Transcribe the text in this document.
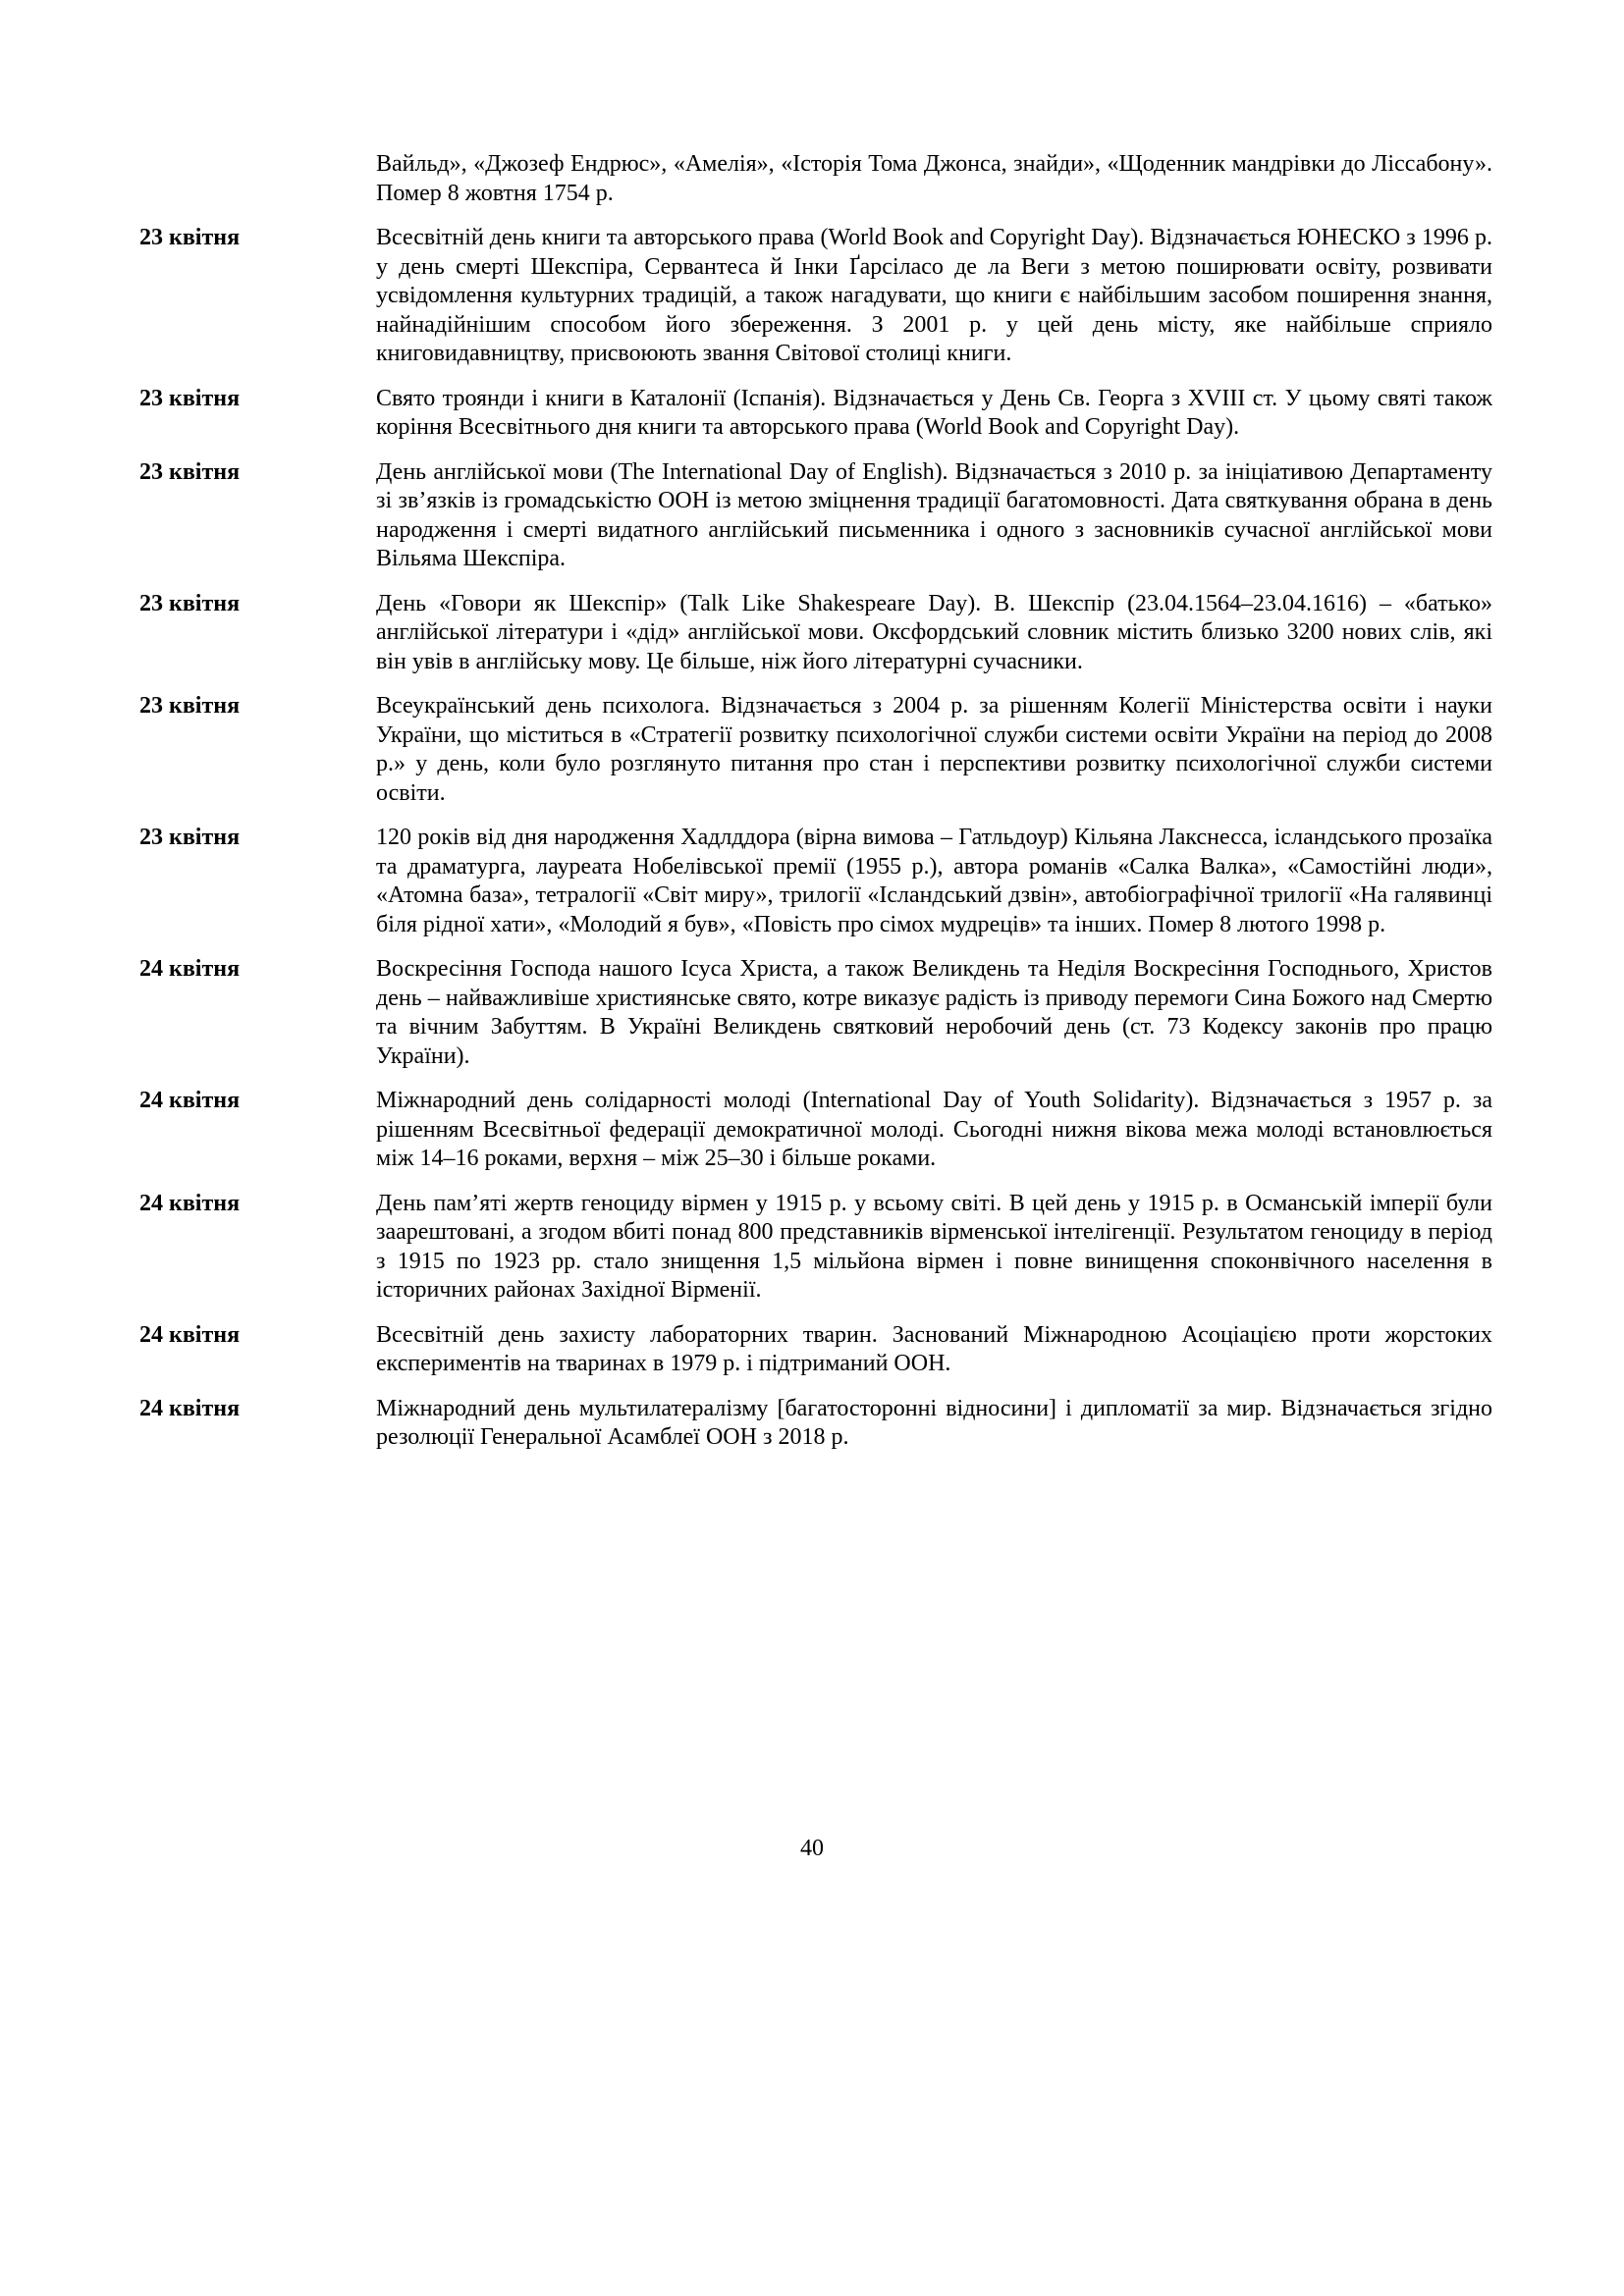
Вайльд», «Джозеф Ендрюс», «Амелія», «Історія Тома Джонса, знайди», «Щоденник мандрівки до Ліссабону». Помер 8 жовтня 1754 р.
23 квітня	Всесвітній день книги та авторського права (World Book and Copyright Day). Відзначається ЮНЕСКО з 1996 р. у день смерті Шекспіра, Сервантеса й Інки Ґарсіласо де ла Веги з метою поширювати освіту, розвивати усвідомлення культурних традицій, а також нагадувати, що книги є найбільшим засобом поширення знання, найнадійнішим способом його збереження. З 2001 р. у цей день місту, яке найбільше сприяло книговидавництву, присвоюють звання Світової столиці книги.
23 квітня	Свято троянди і книги в Каталонії (Іспанія). Відзначається у День Св. Георга з XVIII ст. У цьому святі також коріння Всесвітнього дня книги та авторського права (World Book and Copyright Day).
23 квітня	День англійської мови (The International Day of English). Відзначається з 2010 р. за ініціативою Департаменту зі зв’язків із громадськістю ООН із метою зміцнення традиції багатомовності. Дата святкування обрана в день народження і смерті видатного англійський письменника і одного з засновників сучасної англійської мови Вільяма Шекспіра.
23 квітня	День «Говори як Шекспір» (Talk Like Shakespeare Day). В. Шекспір (23.04.1564–23.04.1616) – «батько» англійської літератури і «дід» англійської мови. Оксфордський словник містить близько 3200 нових слів, які він увів в англійську мову. Це більше, ніж його літературні сучасники.
23 квітня	Всеукраїнський день психолога. Відзначається з 2004 р. за рішенням Колегії Міністерства освіти і науки України, що міститься в «Стратегії розвитку психологічної служби системи освіти України на період до 2008 р.» у день, коли було розглянуто питання про стан і перспективи розвитку психологічної служби системи освіти.
23 квітня	120 років від дня народження Хадлддора (вірна вимова – Гатльдоур) Кільяна Лакснесса, ісландського прозаїка та драматурга, лауреата Нобелівської премії (1955 р.), автора романів «Салка Валка», «Самостійні люди», «Атомна база», тетралогії «Світ миру», трилогії «Ісландський дзвін», автобіографічної трилогії «На галявинці біля рідної хати», «Молодий я був», «Повість про сімох мудреців» та інших. Помер 8 лютого 1998 р.
24 квітня	Воскресіння Господа нашого Ісуса Христа, а також Великдень та Неділя Воскресіння Господнього, Христов день – найважливіше християнське свято, котре виказує радість із приводу перемоги Сина Божого над Смертю та вічним Забуттям. В Україні Великдень святковий неробочий день (ст. 73 Кодексу законів про працю України).
24 квітня	Міжнародний день солідарності молоді (International Day of Youth Solidarity). Відзначається з 1957 р. за рішенням Всесвітньої федерації демократичної молоді. Сьогодні нижня вікова межа молоді встановлюється між 14–16 роками, верхня – між 25–30 і більше роками.
24 квітня	День пам’яті жертв геноциду вірмен у 1915 р. у всьому світі. В цей день у 1915 р. в Османській імперії були заарештовані, а згодом вбиті понад 800 представників вірменської інтелігенції. Результатом геноциду в період з 1915 по 1923 рр. стало знищення 1,5 мільйона вірмен і повне винищення споконвічного населення в історичних районах Західної Вірменії.
24 квітня	Всесвітній день захисту лабораторних тварин. Заснований Міжнародною Асоціацією проти жорстоких експериментів на тваринах в 1979 р. і підтриманий ООН.
24 квітня	Міжнародний день мультилатералізму [багатосторонні відносини] і дипломатії за мир. Відзначається згідно резолюції Генеральної Асамблеї ООН з 2018 р.
40
